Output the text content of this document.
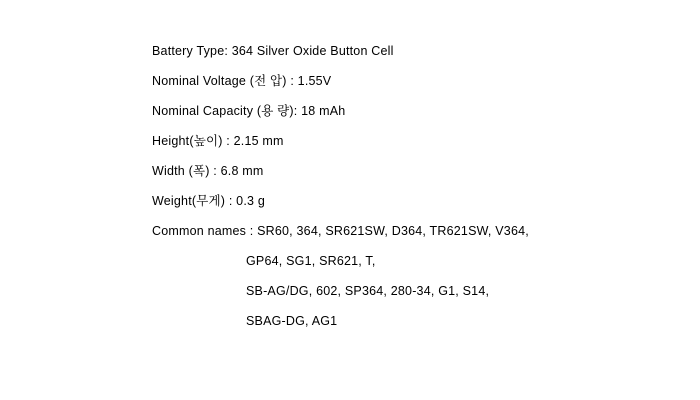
Battery Type: 364 Silver Oxide Button Cell
Nominal Voltage (전 압) : 1.55V
Nominal Capacity (용 량): 18 mAh
Height(높이) : 2.15 mm
Width (폭) : 6.8 mm
Weight(무게) : 0.3 g
Common names : SR60, 364, SR621SW, D364, TR621SW, V364,
GP64, SG1, SR621, T,
SB-AG/DG, 602, SP364, 280-34, G1, S14,
SBAG-DG, AG1
